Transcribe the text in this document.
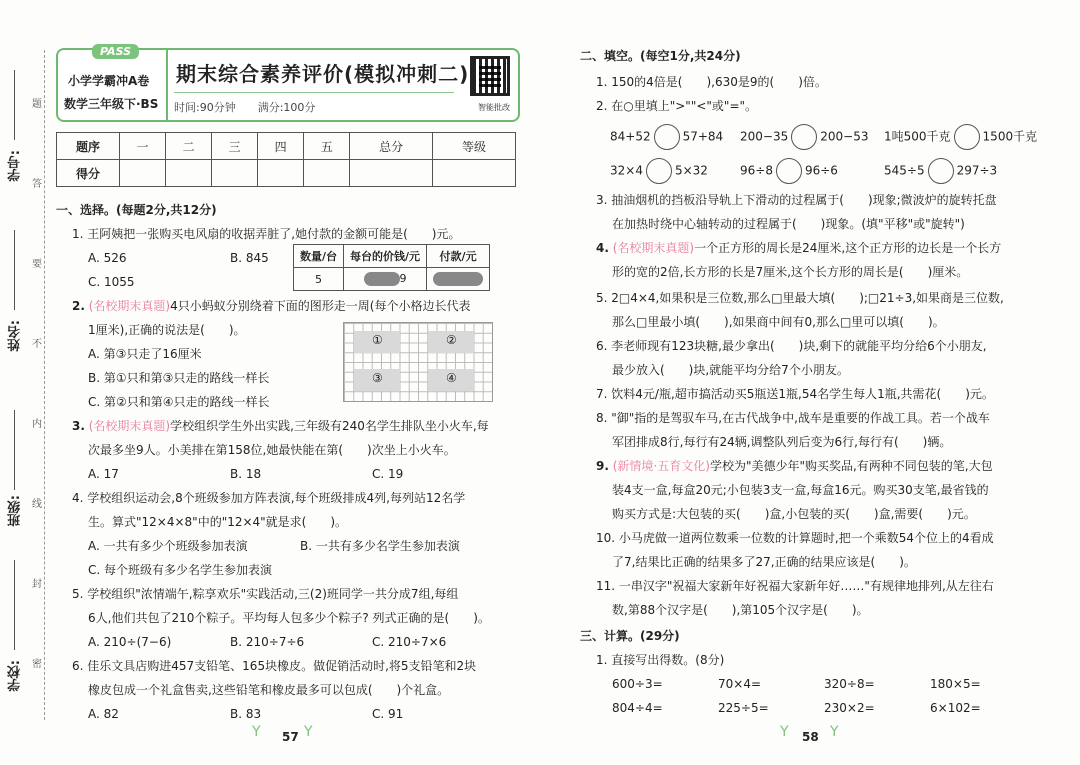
学号:
姓名:
班级:
学校:
题
答
要
不
内
线
封
密
PASS
小学学霸冲A卷
数学三年级下·BS
期末综合素养评价(模拟冲刺二)
时间:90分钟　　 满分:100分	智能批改
题序	一	二	三	四	五	总分	等级
得分							
一、选择。(每题2分,共12分)
1. 王阿姨把一张购买电风扇的收据弄脏了,她付款的金额可能是(　　)元。
A. 526	B. 845
C. 1055
数量/台	每台的价钱/元	付款/元
5	9	
2. (名校期末真题)4只小蚂蚁分别绕着下面的图形走一周(每个小格边长代表
1厘米),正确的说法是(　　)。
A. 第③只走了16厘米
B. 第①只和第③只走的路线一样长
C. 第②只和第④只走的路线一样长
①	②
③	④
3. (名校期末真题)学校组织学生外出实践,三年级有240名学生排队坐小火车,每
次最多坐9人。小美排在第158位,她最快能在第(　　)次坐上小火车。
A. 17	B. 18	C. 19
4. 学校组织运动会,8个班级参加方阵表演,每个班级排成4列,每列站12名学
生。算式"12×4×8"中的"12×4"就是求(　　)。
A. 一共有多少个班级参加表演	B. 一共有多少名学生参加表演
C. 每个班级有多少名学生参加表演
5. 学校组织"浓情端午,粽享欢乐"实践活动,三(2)班同学一共分成7组,每组
6人,他们共包了210个粽子。平均每人包多少个粽子? 列式正确的是(　　)。
A. 210÷(7−6)	B. 210÷7÷6	C. 210÷7×6
6. 佳乐文具店购进457支铅笔、165块橡皮。做促销活动时,将5支铅笔和2块
橡皮包成一个礼盒售卖,这些铅笔和橡皮最多可以包成(　　)个礼盒。
A. 82	B. 83	C. 91
Y 57 Y
二、填空。(每空1分,共24分)
1. 150的4倍是(　　),630是9的(　　)倍。
2. 在○里填上">""<"或"="。
84+52	57+84 200−35	200−53 1吨500千克	1500千克
32×4	5×32	96÷8	96÷6	545÷5	297÷3
3. 抽油烟机的挡板沿导轨上下滑动的过程属于(　　)现象;微波炉的旋转托盘
在加热时绕中心轴转动的过程属于(　　)现象。(填"平移"或"旋转")
4. (名校期末真题)一个正方形的周长是24厘米,这个正方形的边长是一个长方
形的宽的2倍,长方形的长是7厘米,这个长方形的周长是(　　)厘米。
5. 2□4×4,如果积是三位数,那么□里最大填(　　);□21÷3,如果商是三位数,
那么□里最小填(　　),如果商中间有0,那么□里可以填(　　)。
6. 李老师现有123块糖,最少拿出(　　)块,剩下的就能平均分给6个小朋友,
最少放入(　　)块,就能平均分给7个小朋友。
7. 饮料4元/瓶,超市搞活动买5瓶送1瓶,54名学生每人1瓶,共需花(　　)元。
8. "御"指的是驾驭车马,在古代战争中,战车是重要的作战工具。若一个战车
军团排成8行,每行有24辆,调整队列后变为6行,每行有(　　)辆。
9. (新情境·五育文化)学校为"美德少年"购买奖品,有两种不同包装的笔,大包
装4支一盒,每盒20元;小包装3支一盒,每盒16元。购买30支笔,最省钱的
购买方式是:大包装的买(　　)盒,小包装的买(　　)盒,需要(　　)元。
10. 小马虎做一道两位数乘一位数的计算题时,把一个乘数54个位上的4看成
了7,结果比正确的结果多了27,正确的结果应该是(　　)。
11. 一串汉字"祝福大家新年好祝福大家新年好……"有规律地排列,从左往右
数,第88个汉字是(　　),第105个汉字是(　　)。
三、计算。(29分)
1. 直接写出得数。(8分)
600÷3=	70×4=	320÷8=	180×5=
804÷4=	225÷5=	230×2=	6×102=
Y 58 Y
